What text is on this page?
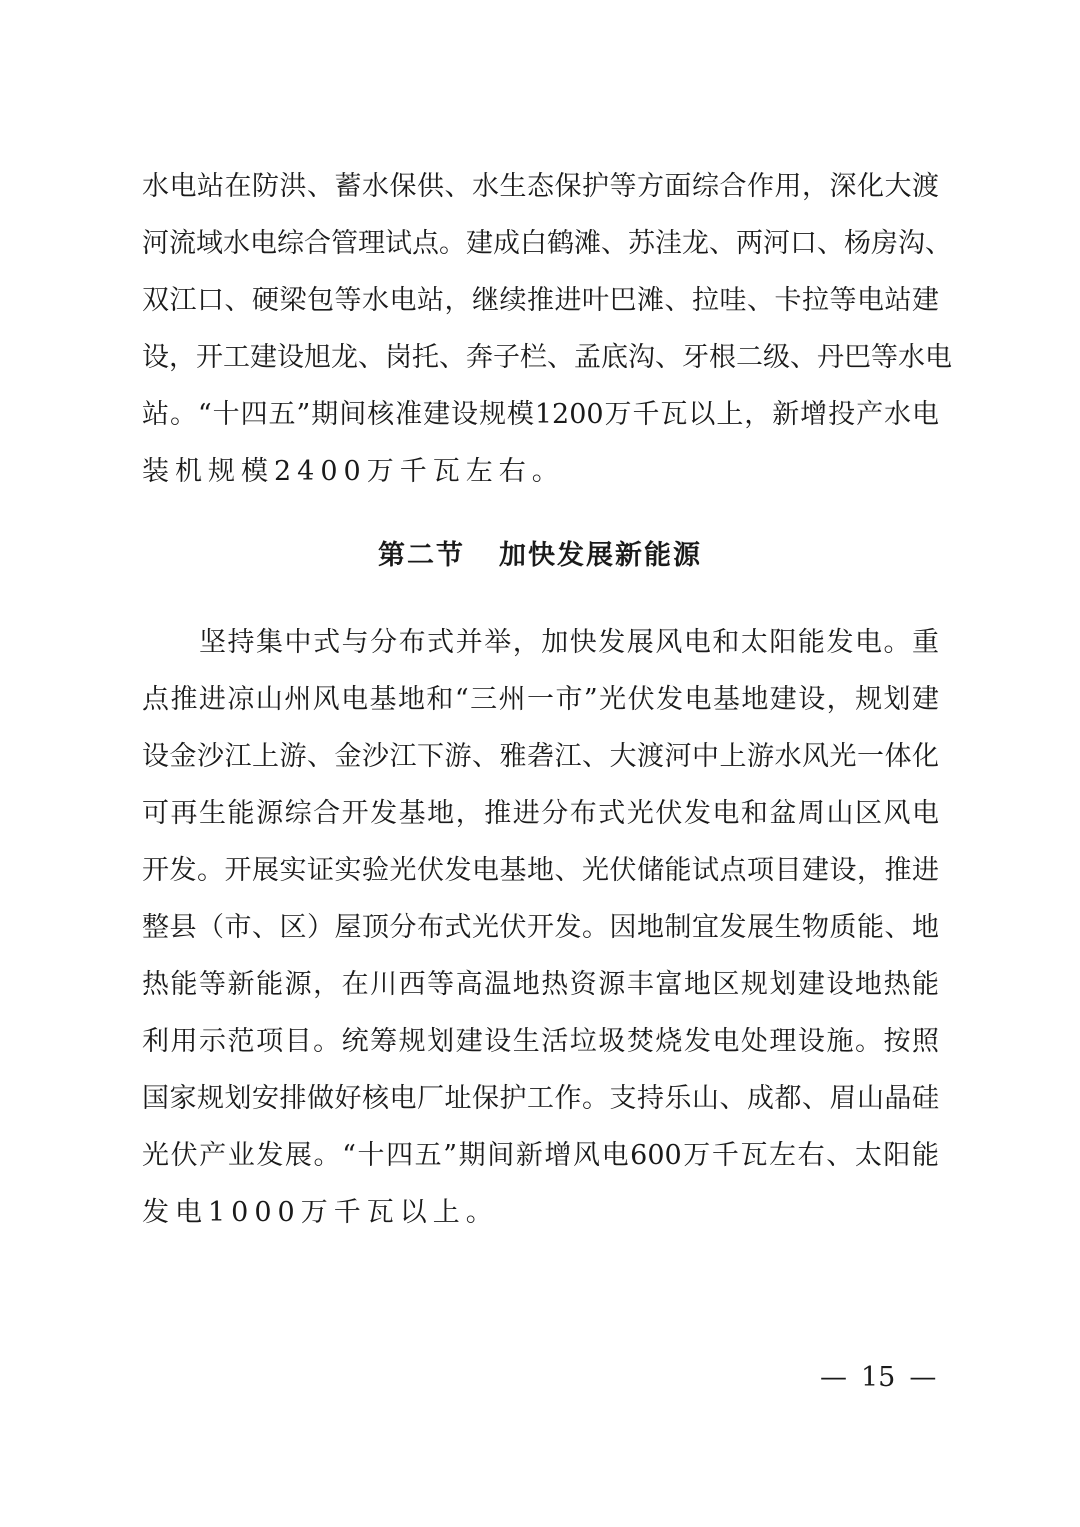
水电站在防洪、蓄水保供、水生态保护等方面综合作用，深化大渡
河流域水电综合管理试点。建成白鹤滩、苏洼龙、两河口、杨房沟、
双江口、硬梁包等水电站，继续推进叶巴滩、拉哇、卡拉等电站建
设，开工建设旭龙、岗托、奔子栏、孟底沟、牙根二级、丹巴等水电
站。“十四五”期间核准建设规模1200万千瓦以上，新增投产水电
装机规模2400万千瓦左右。
第二节 加快发展新能源
坚持集中式与分布式并举，加快发展风电和太阳能发电。重
点推进凉山州风电基地和“三州一市”光伏发电基地建设，规划建
设金沙江上游、金沙江下游、雅砻江、大渡河中上游水风光一体化
可再生能源综合开发基地，推进分布式光伏发电和盆周山区风电
开发。开展实证实验光伏发电基地、光伏储能试点项目建设，推进
整县（市、区）屋顶分布式光伏开发。因地制宜发展生物质能、地
热能等新能源，在川西等高温地热资源丰富地区规划建设地热能
利用示范项目。统筹规划建设生活垃圾焚烧发电处理设施。按照
国家规划安排做好核电厂址保护工作。支持乐山、成都、眉山晶硅
光伏产业发展。“十四五”期间新增风电600万千瓦左右、太阳能
发电1000万千瓦以上。
— 15 —
